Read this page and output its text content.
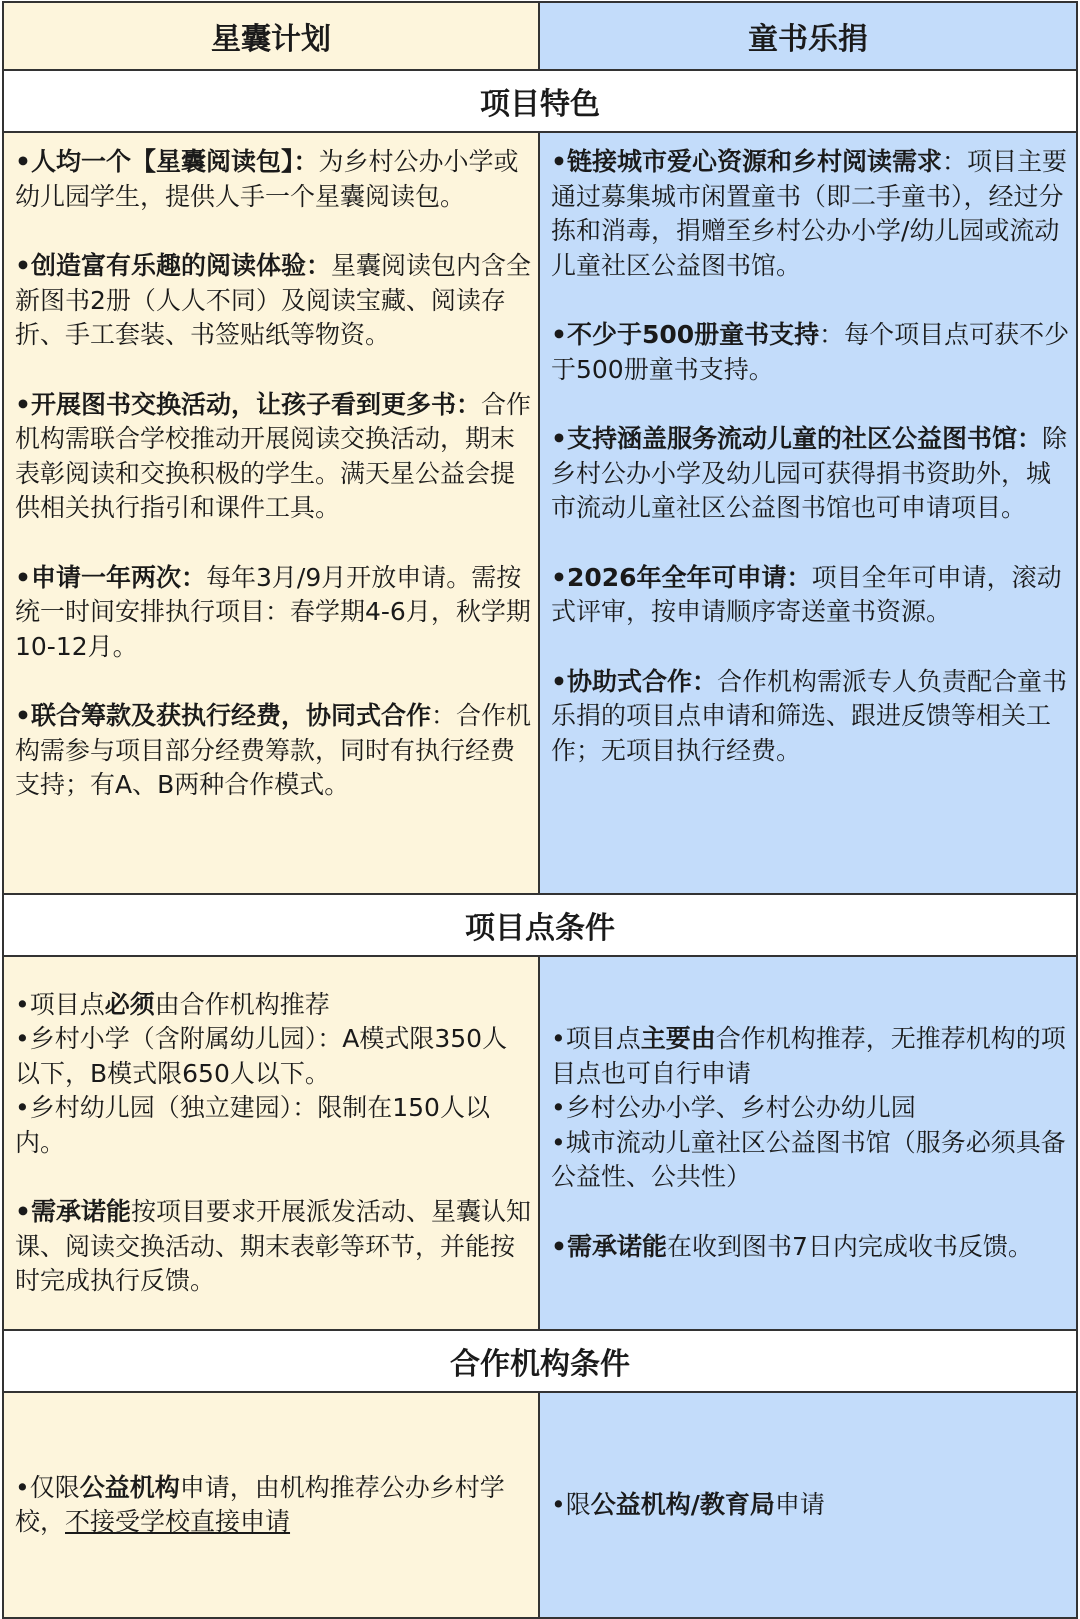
星囊计划	童书乐捐
项目特色

•人均一个【星囊阅读包】：为乡村公办小学或幼儿园学生，提供人手一个星囊阅读包。

•创造富有乐趣的阅读体验：星囊阅读包内含全新图书2册（人人不同）及阅读宝藏、阅读存折、手工套装、书签贴纸等物资。

•开展图书交换活动，让孩子看到更多书：合作机构需联合学校推动开展阅读交换活动，期末表彰阅读和交换积极的学生。满天星公益会提供相关执行指引和课件工具。

•申请一年两次：每年3月/9月开放申请。需按统一时间安排执行项目：春学期4-6月，秋学期10-12月。

•联合筹款及获执行经费，协同式合作：合作机构需参与项目部分经费筹款，同时有执行经费支持；有A、B两种合作模式。

•链接城市爱心资源和乡村阅读需求：项目主要通过募集城市闲置童书（即二手童书），经过分拣和消毒，捐赠至乡村公办小学/幼儿园或流动儿童社区公益图书馆。

•不少于500册童书支持：每个项目点可获不少于500册童书支持。

•支持涵盖服务流动儿童的社区公益图书馆：除乡村公办小学及幼儿园可获得捐书资助外，城市流动儿童社区公益图书馆也可申请项目。

•2026年全年可申请：项目全年可申请，滚动式评审，按申请顺序寄送童书资源。

•协助式合作：合作机构需派专人负责配合童书乐捐的项目点申请和筛选、跟进反馈等相关工作；无项目执行经费。

项目点条件

•项目点必须由合作机构推荐
•乡村小学（含附属幼儿园）：A模式限350人以下，B模式限650人以下。
•乡村幼儿园（独立建园）：限制在150人以内。

•需承诺能按项目要求开展派发活动、星囊认知课、阅读交换活动、期末表彰等环节，并能按时完成执行反馈。

•项目点主要由合作机构推荐，无推荐机构的项目点也可自行申请
•乡村公办小学、乡村公办幼儿园
•城市流动儿童社区公益图书馆（服务必须具备公益性、公共性）

•需承诺能在收到图书7日内完成收书反馈。

合作机构条件

•仅限公益机构申请，由机构推荐公办乡村学校，不接受学校直接申请

•限公益机构/教育局申请
